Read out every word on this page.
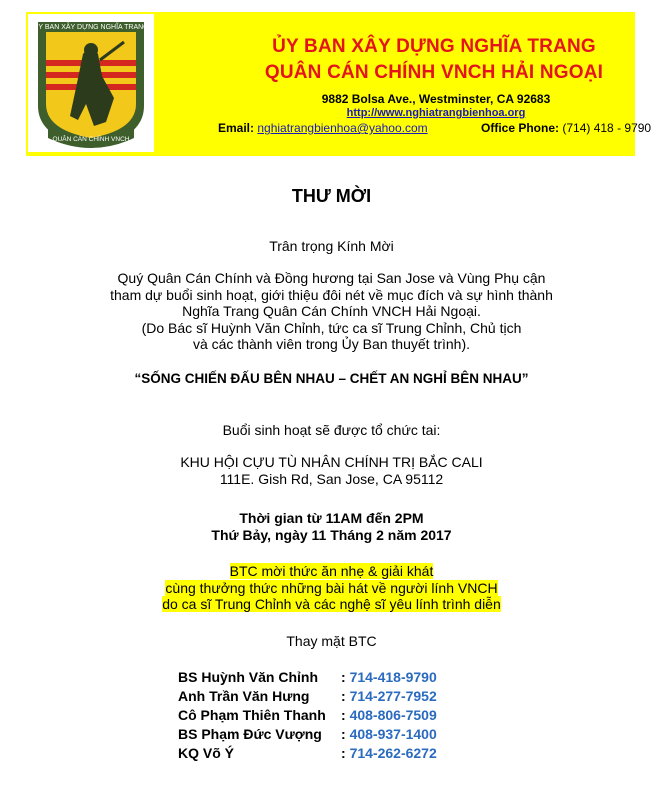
ỦY BAN XÂY DỰNG NGHĨA TRANG
QUÂN CÁN CHÍNH VNCH
ỦY BAN XÂY DỰNG NGHĨA TRANG
QUÂN CÁN CHÍNH VNCH HẢI NGOẠI
9882 Bolsa Ave., Westminster, CA 92683
http://www.nghiatrangbienhoa.org
Email: nghiatrangbienhoa@yahoo.com	Office Phone: (714) 418 - 9790
THƯ MỜI
Trân trọng Kính Mời
Quý Quân Cán Chính và Đồng hương tại San Jose và Vùng Phụ cận
tham dự buổi sinh hoạt, giới thiệu đôi nét về mục đích và sự hình thành
Nghĩa Trang Quân Cán Chính VNCH Hải Ngoại.
(Do Bác sĩ Huỳnh Văn Chỉnh, tức ca sĩ Trung Chỉnh, Chủ tịch
và các thành viên trong Ủy Ban thuyết trình).
“SỐNG CHIẾN ĐẤU BÊN NHAU – CHẾT AN NGHỈ BÊN NHAU”
Buổi sinh hoạt sẽ được tổ chức tai:
KHU HỘI CỰU TÙ NHÂN CHÍNH TRỊ BẮC CALI
111E. Gish Rd, San Jose, CA 95112
Thời gian từ 11AM đến 2PM
Thứ Bảy, ngày 11 Tháng 2 năm 2017
BTC mời thức ăn nhẹ & giải khát
cùng thưởng thức những bài hát về người lính VNCH
do ca sĩ Trung Chỉnh và các nghệ sĩ yêu lính trình diễn
Thay mặt BTC
BS Huỳnh Văn Chỉnh : 714-418-9790
Anh Trần Văn Hưng : 714-277-7952
Cô Phạm Thiên Thanh : 408-806-7509
BS Phạm Đức Vượng : 408-937-1400
KQ Võ Ý	: 714-262-6272
